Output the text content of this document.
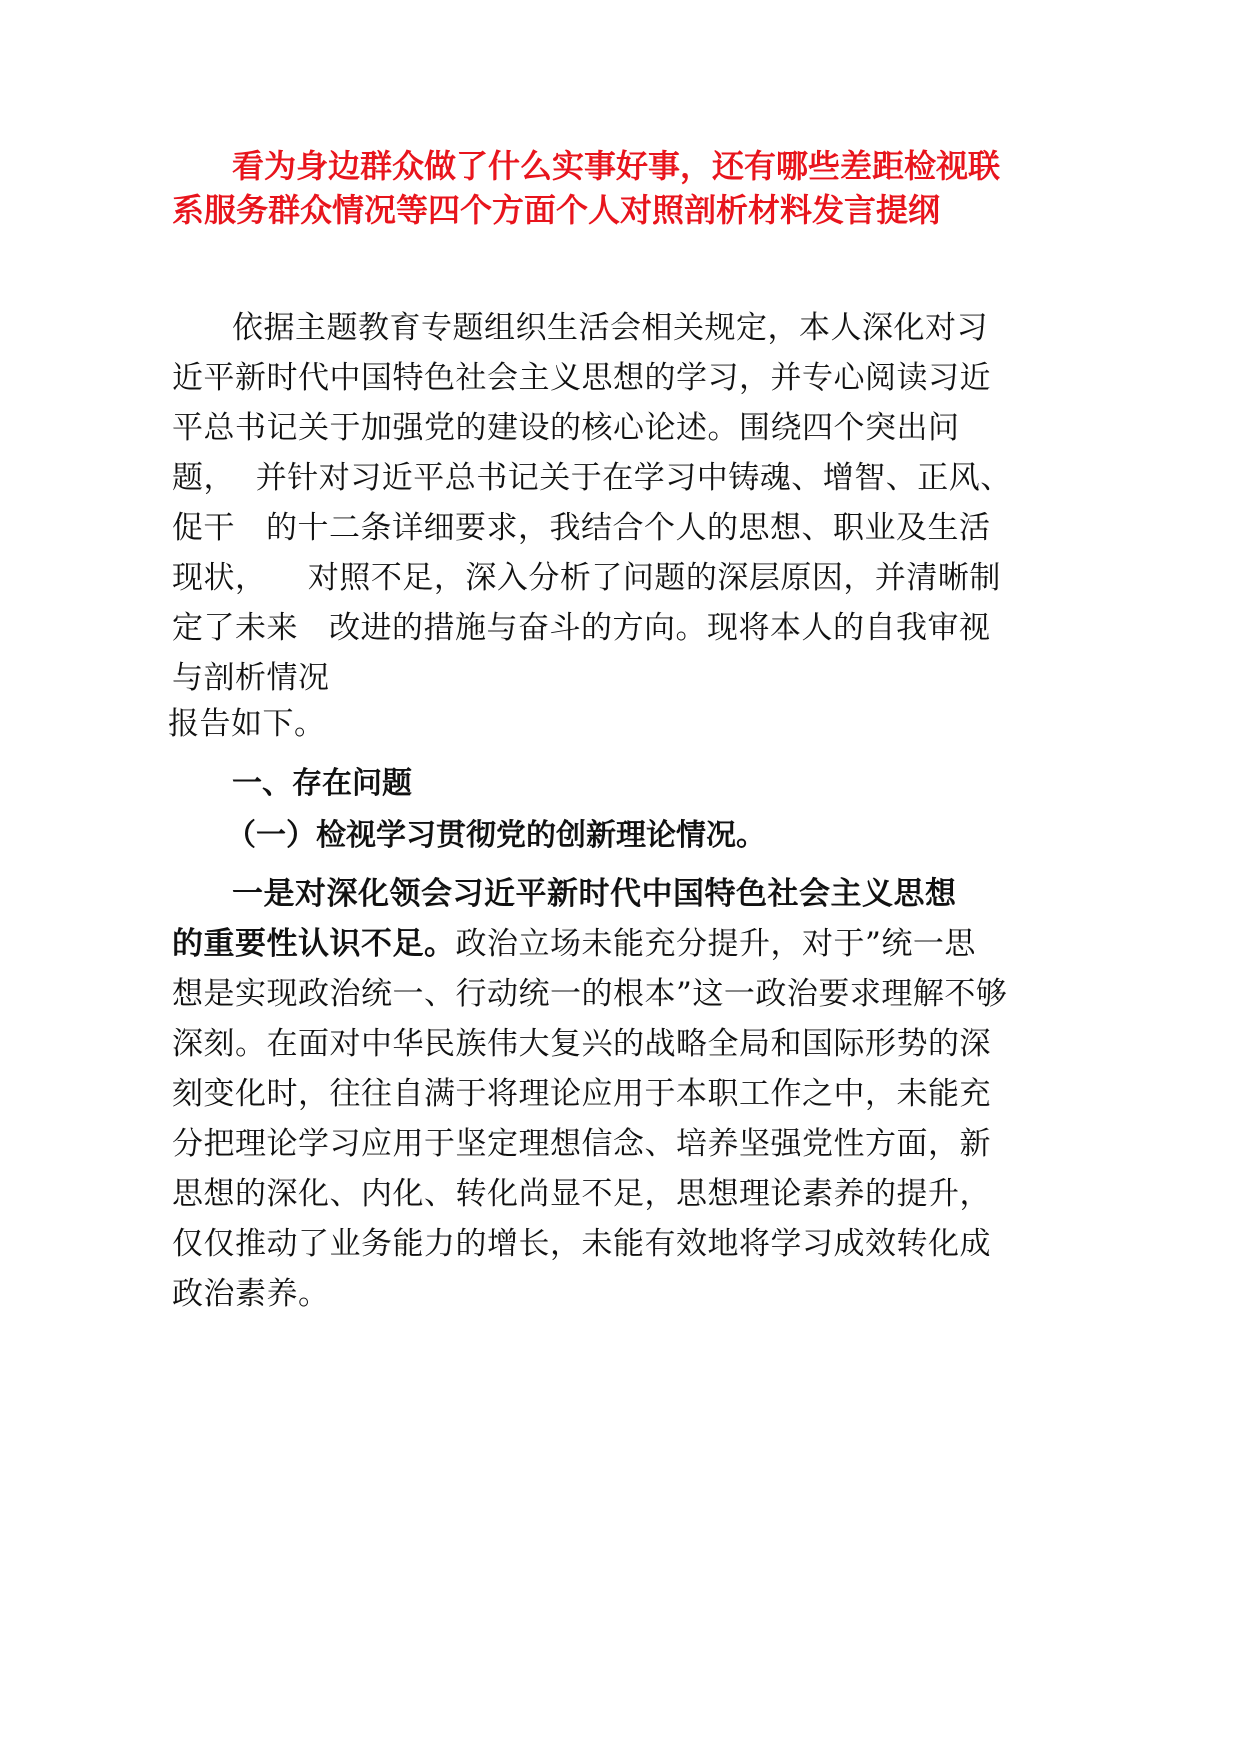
看为身边群众做了什么实事好事，还有哪些差距检视联
系服务群众情况等四个方面个人对照剖析材料发言提纲
依据主题教育专题组织生活会相关规定，本人深化对习
近平新时代中国特色社会主义思想的学习，并专心阅读习近
平总书记关于加强党的建设的核心论述。围绕四个突出问
题，  并针对习近平总书记关于在学习中铸魂、增智、正风、
促干   的十二条详细要求，我结合个人的思想、职业及生活
现状，    对照不足，深入分析了问题的深层原因，并清晰制
定了未来   改进的措施与奋斗的方向。现将本人的自我审视
与剖析情况
报告如下。
一、存在问题
（一）检视学习贯彻党的创新理论情况。
一是对深化领会习近平新时代中国特色社会主义思想
的重要性认识不足。政治立场未能充分提升，对于”统一思
想是实现政治统一、行动统一的根本”这一政治要求理解不够
深刻。在面对中华民族伟大复兴的战略全局和国际形势的深
刻变化时，往往自满于将理论应用于本职工作之中，未能充
分把理论学习应用于坚定理想信念、培养坚强党性方面，新
思想的深化、内化、转化尚显不足，思想理论素养的提升，
仅仅推动了业务能力的增长，未能有效地将学习成效转化成
政治素养。
